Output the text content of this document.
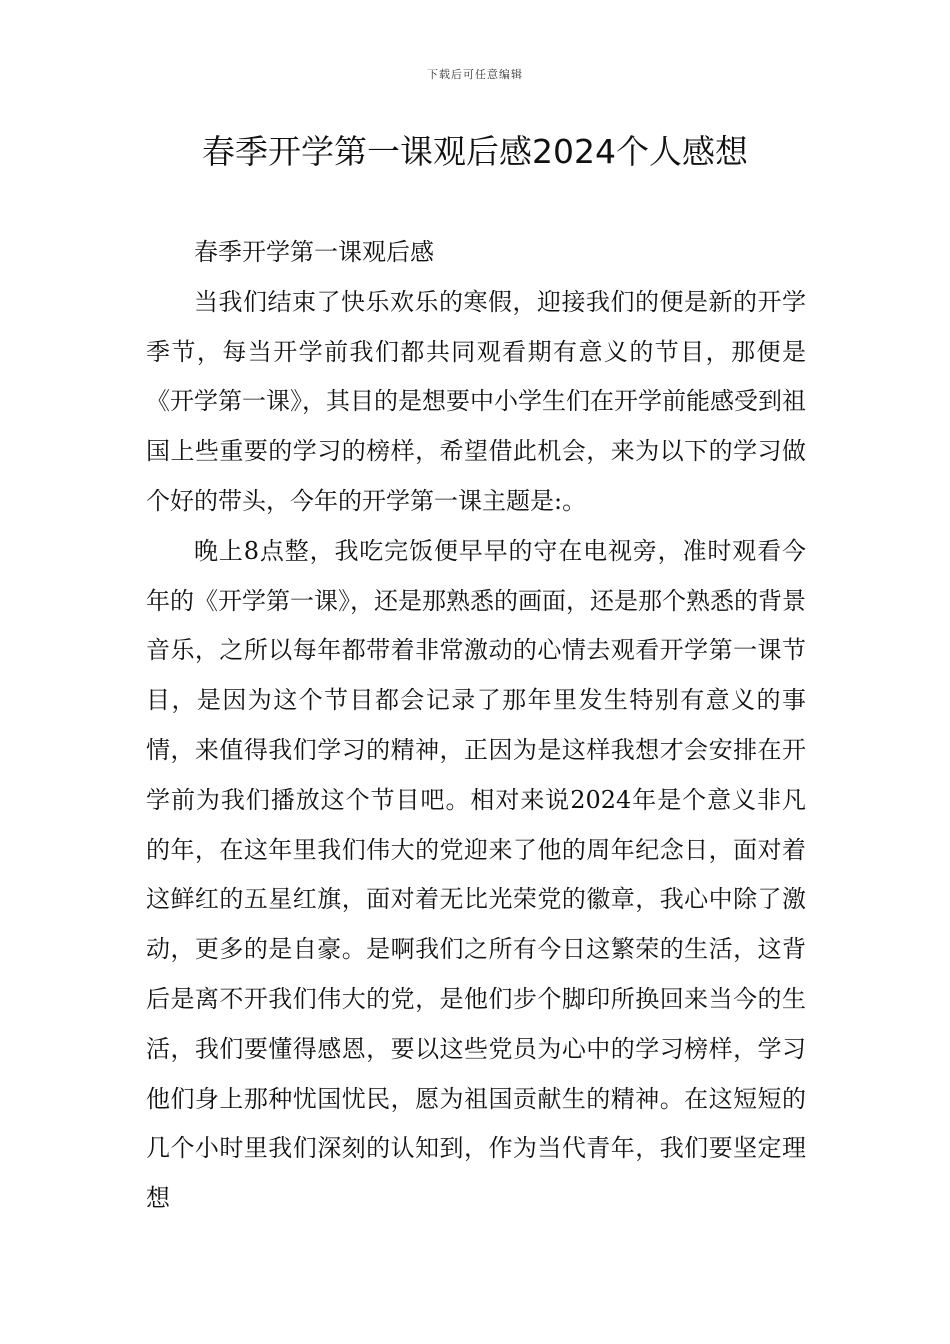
下载后可任意编辑
春季开学第一课观后感2024个人感想

春季开学第一课观后感

当我们结束了快乐欢乐的寒假，迎接我们的便是新的开学季节，每当开学前我们都共同观看期有意义的节目，那便是《开学第一课》，其目的是想要中小学生们在开学前能感受到祖国上些重要的学习的榜样，希望借此机会，来为以下的学习做个好的带头，今年的开学第一课主题是:。

晚上8点整，我吃完饭便早早的守在电视旁，准时观看今年的《开学第一课》，还是那熟悉的画面，还是那个熟悉的背景音乐，之所以每年都带着非常激动的心情去观看开学第一课节目，是因为这个节目都会记录了那年里发生特别有意义的事情，来值得我们学习的精神，正因为是这样我想才会安排在开学前为我们播放这个节目吧。相对来说2024年是个意义非凡的年，在这年里我们伟大的党迎来了他的周年纪念日，面对着这鲜红的五星红旗，面对着无比光荣党的徽章，我心中除了激动，更多的是自豪。是啊我们之所有今日这繁荣的生活，这背后是离不开我们伟大的党，是他们步个脚印所换回来当今的生活，我们要懂得感恩，要以这些党员为心中的学习榜样，学习他们身上那种忧国忧民，愿为祖国贡献生的精神。在这短短的几个小时里我们深刻的认知到，作为当代青年，我们要坚定理想
